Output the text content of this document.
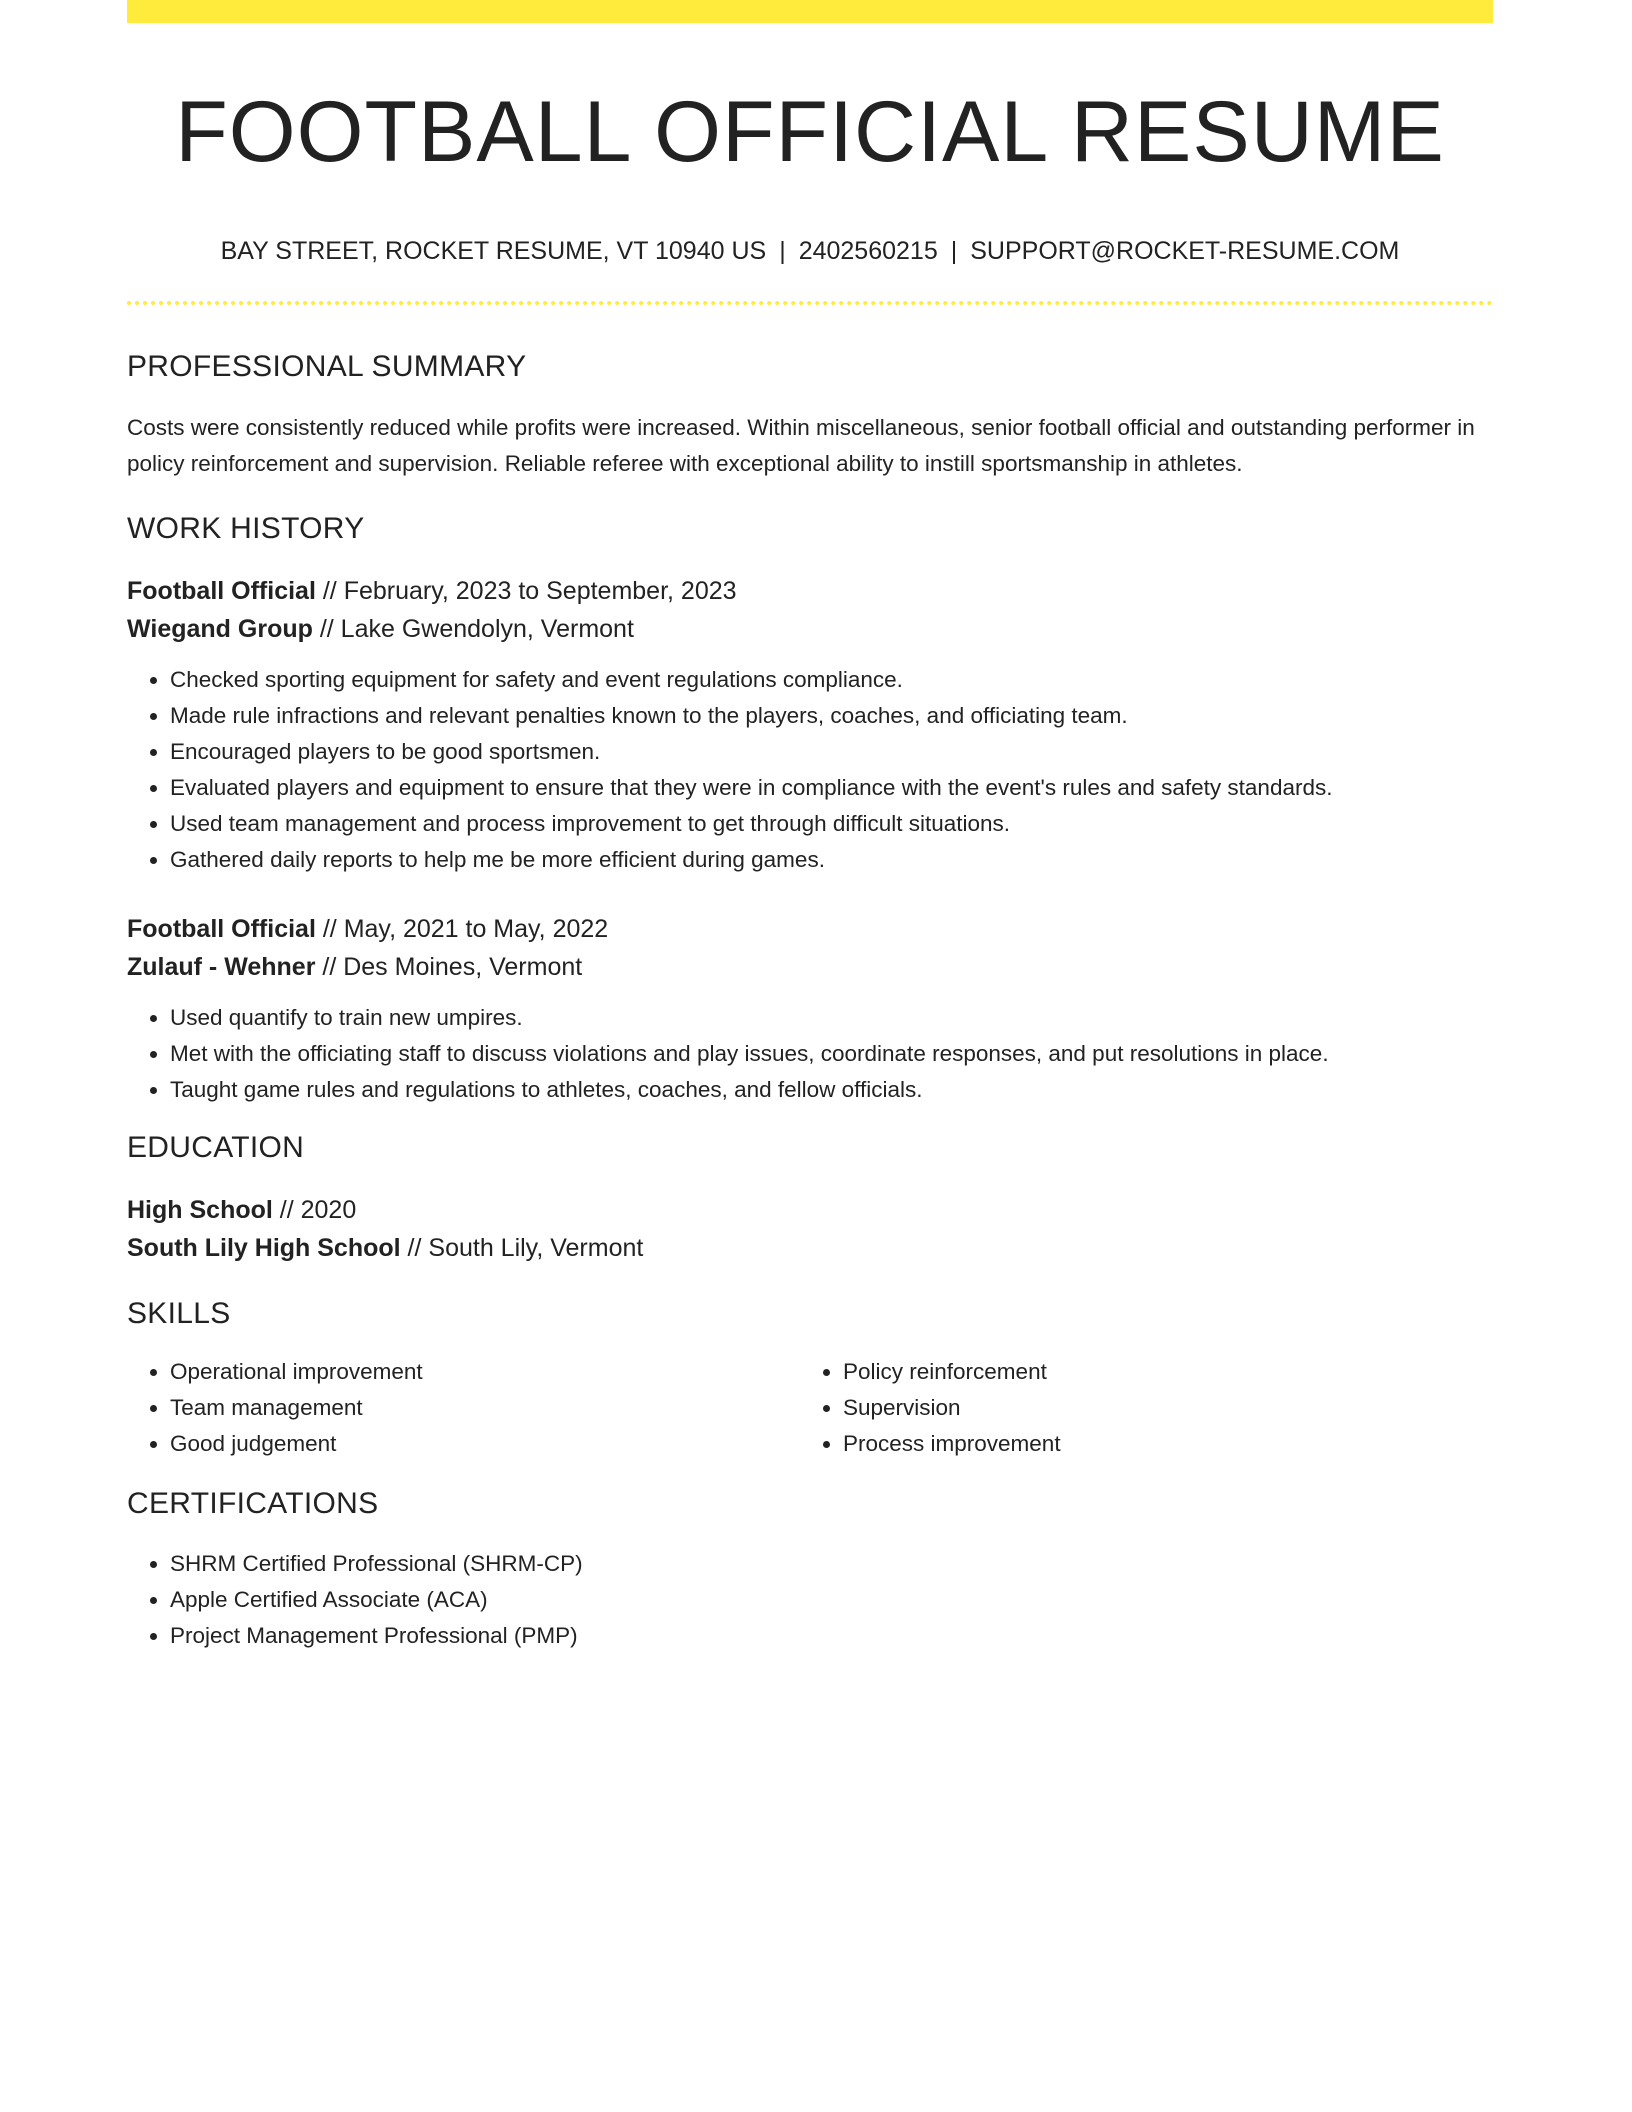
FOOTBALL OFFICIAL RESUME
BAY STREET, ROCKET RESUME, VT 10940 US | 2402560215 | SUPPORT@ROCKET-RESUME.COM
PROFESSIONAL SUMMARY

Costs were consistently reduced while profits were increased. Within miscellaneous, senior football official and outstanding performer in policy reinforcement and supervision. Reliable referee with exceptional ability to instill sportsmanship in athletes.

WORK HISTORY
Football Official // February, 2023 to September, 2023
Wiegand Group // Lake Gwendolyn, Vermont
• Checked sporting equipment for safety and event regulations compliance.
• Made rule infractions and relevant penalties known to the players, coaches, and officiating team.
• Encouraged players to be good sportsmen.
• Evaluated players and equipment to ensure that they were in compliance with the event's rules and safety standards.
• Used team management and process improvement to get through difficult situations.
• Gathered daily reports to help me be more efficient during games.
Football Official // May, 2021 to May, 2022
Zulauf - Wehner // Des Moines, Vermont
• Used quantify to train new umpires.
• Met with the officiating staff to discuss violations and play issues, coordinate responses, and put resolutions in place.
• Taught game rules and regulations to athletes, coaches, and fellow officials.
EDUCATION
High School // 2020
South Lily High School // South Lily, Vermont
SKILLS
• Operational improvement
• Team management
• Good judgement
• Policy reinforcement
• Supervision
• Process improvement
CERTIFICATIONS
• SHRM Certified Professional (SHRM-CP)
• Apple Certified Associate (ACA)
• Project Management Professional (PMP)
